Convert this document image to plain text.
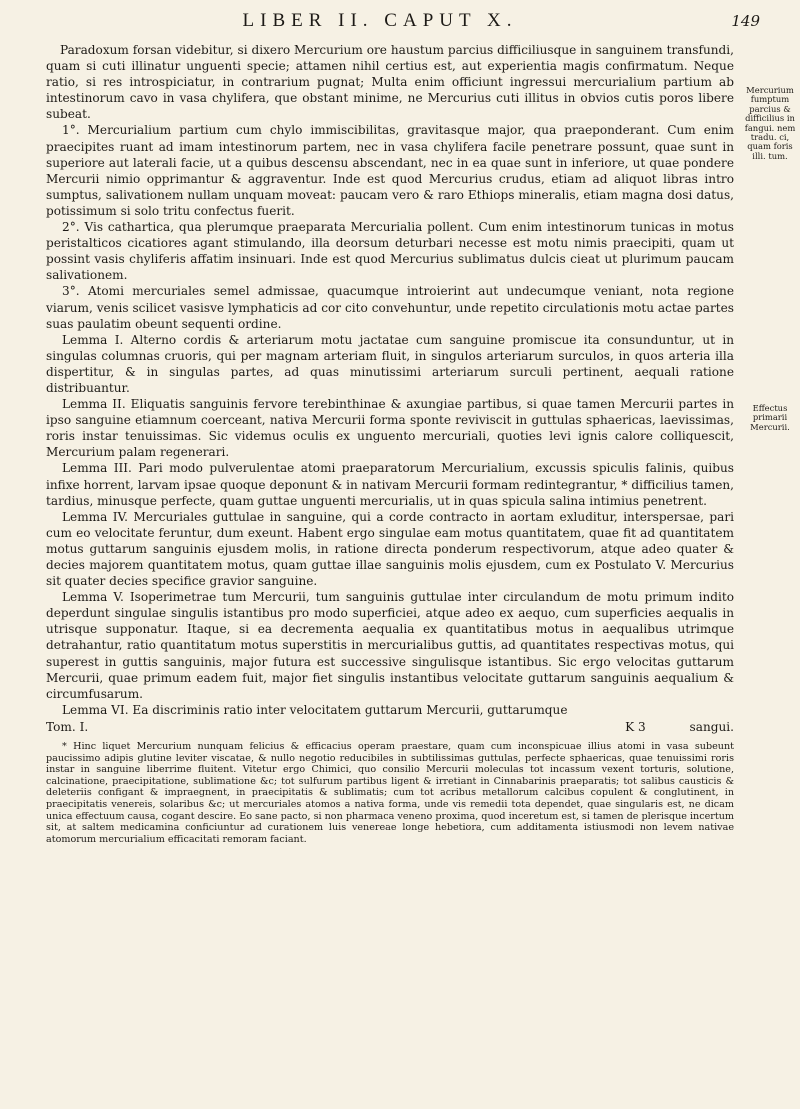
LIBER II. CAPUT X.	149

Paradoxum forsan videbitur, si dixero Mercurium ore haustum parcius difficiliusque in sanguinem transfundi, quam si cuti illinatur unguenti specie; attamen nihil certius est, aut experientia magis confirmatum. Neque ratio, si res introspiciatur, in contrarium pugnat; Multa enim officiunt ingressui mercurialium partium ab intestinorum cavo in vasa chylifera, que obstant minime, ne Mercurius cuti illitus in obvios cutis poros libere subeat.

1°. Mercurialium partium cum chylo immiscibilitas, gravitasque major, qua praeponderant. Cum enim praecipites ruant ad imam intestinorum partem, nec in vasa chylifera facile penetrare possunt, quae sunt in superiore aut laterali facie, ut a quibus descensu abscendant, nec in ea quae sunt in inferiore, ut quae pondere Mercurii nimio opprimantur & aggraventur. Inde est quod Mercurius crudus, etiam ad aliquot libras intro sumptus, salivationem nullam unquam moveat: paucam vero & raro Ethiops mineralis, etiam magna dosi datus, potissimum si solo tritu confectus fuerit.

2°. Vis cathartica, qua plerumque praeparata Mercurialia pollent. Cum enim intestinorum tunicas in motus peristalticos cicatiores agant stimulando, illa deorsum deturbari necesse est motu nimis praecipiti, quam ut possint vasis chyliferis affatim insinuari. Inde est quod Mercurius sublimatus dulcis cieat ut plurimum paucam salivationem.

3°. Atomi mercuriales semel admissae, quacumque introierint aut undecumque veniant, nota regione viarum, venis scilicet vasisve lymphaticis ad cor cito convehuntur, unde repetito circulationis motu actae partes suas paulatim obeunt sequenti ordine.

Lemma I. Alterno cordis & arteriarum motu jactatae cum sanguine promiscue ita consunduntur, ut in singulas columnas cruoris, qui per magnam arteriam fluit, in singulos arteriarum surculos, in quos arteria illa dispertitur, & in singulas partes, ad quas minutissimi arteriarum surculi pertinent, aequali ratione distribuantur.

Lemma II. Eliquatis sanguinis fervore terebinthinae & axungiae partibus, si quae tamen Mercurii partes in ipso sanguine etiamnum coerceant, nativa Mercurii forma sponte reviviscit in guttulas sphaericas, laevissimas, roris instar tenuissimas. Sic videmus oculis ex unguento mercuriali, quoties levi ignis calore colliquescit, Mercurium palam regenerari.

Lemma III. Pari modo pulverulentae atomi praeparatorum Mercurialium, excussis spiculis falinis, quibus infixe horrent, larvam ipsae quoque deponunt & in nativam Mercurii formam redintegrantur, * difficilius tamen, tardius, minusque perfecte, quam guttae unguenti mercurialis, ut in quas spicula salina intimius penetrent.

Lemma IV. Mercuriales guttulae in sanguine, qui a corde contracto in aortam exluditur, interspersae, pari cum eo velocitate feruntur, dum exeunt. Habent ergo singulae eam motus quantitatem, quae fit ad quantitatem motus guttarum sanguinis ejusdem molis, in ratione directa ponderum respectivorum, atque adeo quater & decies majorem quantitatem motus, quam guttae illae sanguinis molis ejusdem, cum ex Postulato V. Mercurius sit quater decies specifice gravior sanguine.

Lemma V. Isoperimetrae tum Mercurii, tum sanguinis guttulae inter circulandum de motu primum indito deperdunt singulae singulis istantibus pro modo superficiei, atque adeo ex aequo, cum superficies aequalis in utrisque supponatur. Itaque, si ea decrementa aequalia ex quantitatibus motus in aequalibus utrimque detrahantur, ratio quantitatum motus superstitis in mercurialibus guttis, ad quantitates respectivas motus, qui superest in guttis sanguinis, major futura est successive singulisque istantibus. Sic ergo velocitas guttarum Mercurii, quae primum eadem fuit, major fiet singulis instantibus velocitate guttarum sanguinis aequalium & circumfusarum.

Lemma VI. Ea discriminis ratio inter velocitatem guttarum Mercurii, guttarumque

Tom. I.	K 3	sangui.

* Hinc liquet Mercurium nunquam felicius & efficacius operam praestare, quam cum inconspicuae illius atomi in vasa subeunt paucissimo adipis glutine leviter viscatae, & nullo negotio reducibiles in subtilissimas guttulas, perfecte sphaericas, quae tenuissimi roris instar in sanguine liberrime fluitent. Vitetur ergo Chimici, quo consilio Mercurii moleculas tot incassum vexent torturis, solutione, calcinatione, praecipitatione, sublimatione &c; tot sulfurum partibus ligent & irretiant in Cinnabarinis praeparatis; tot salibus causticis & deleteriis configant & impraegnent, in praecipitatis & sublimatis; cum tot acribus metallorum calcibus copulent & conglutinent, in praecipitatis venereis, solaribus &c; ut mercuriales atomos a nativa forma, unde vis remedii tota dependet, quae singularis est, ne dicam unica effectuum causa, cogant descire. Eo sane pacto, si non pharmaca veneno proxima, quod inceretum est, si tamen de plerisque incertum sit, at saltem medicamina conficiuntur ad curationem luis venereae longe hebetiora, cum additamenta istiusmodi non levem nativae atomorum mercurialium efficacitati remoram faciant.

Mercurium fumptum parcius & difficilius in fangui. nem tradu. ci, quam foris illi. tum.
Effectus primarii Mercurii.
